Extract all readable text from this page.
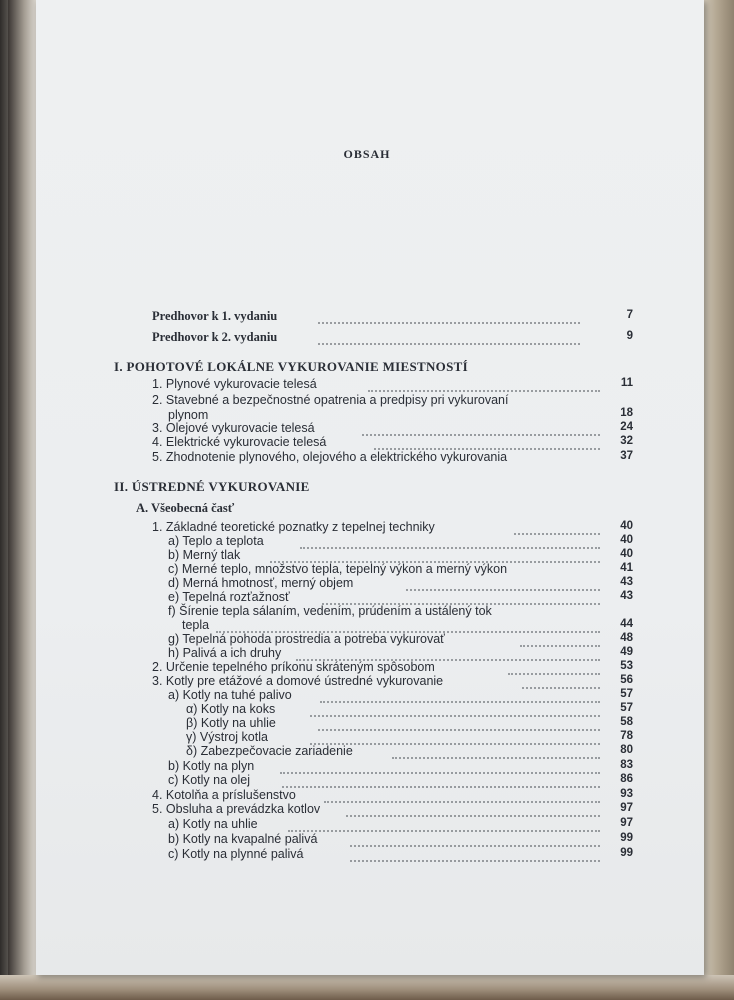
OBSAH
Predhovor k 1. vydaniu	7
Predhovor k 2. vydaniu	9
I. POHOTOVÉ LOKÁLNE VYKUROVANIE MIESTNOSTÍ
1. Plynové vykurovacie telesá	11
2. Stavebné a bezpečnostné opatrenia a predpisy pri vykurovaní
plynom	18
3. Olejové vykurovacie telesá	24
4. Elektrické vykurovacie telesá	32
5. Zhodnotenie plynového, olejového a elektrického vykurovania	37
II. ÚSTREDNÉ VYKUROVANIE
A. Všeobecná časť
1. Základné teoretické poznatky z tepelnej techniky	40
a) Teplo a teplota	40
b) Merný tlak	40
c) Merné teplo, množstvo tepla, tepelný výkon a merný výkon	41
d) Merná hmotnosť, merný objem	43
e) Tepelná rozťažnosť	43
f) Šírenie tepla sálaním, vedením, prúdením a ustálený tok
tepla	44
g) Tepelná pohoda prostredia a potreba vykurovať	48
h) Palivá a ich druhy	49
2. Určenie tepelného príkonu skráteným spôsobom	53
3. Kotly pre etážové a domové ústredné vykurovanie	56
a) Kotly na tuhé palivo	57
α) Kotly na koks	57
β) Kotly na uhlie	58
γ) Výstroj kotla	78
δ) Zabezpečovacie zariadenie	80
b) Kotly na plyn	83
c) Kotly na olej	86
4. Kotolňa a príslušenstvo	93
5. Obsluha a prevádzka kotlov	97
a) Kotly na uhlie	97
b) Kotly na kvapalné palivá	99
c) Kotly na plynné palivá	99
